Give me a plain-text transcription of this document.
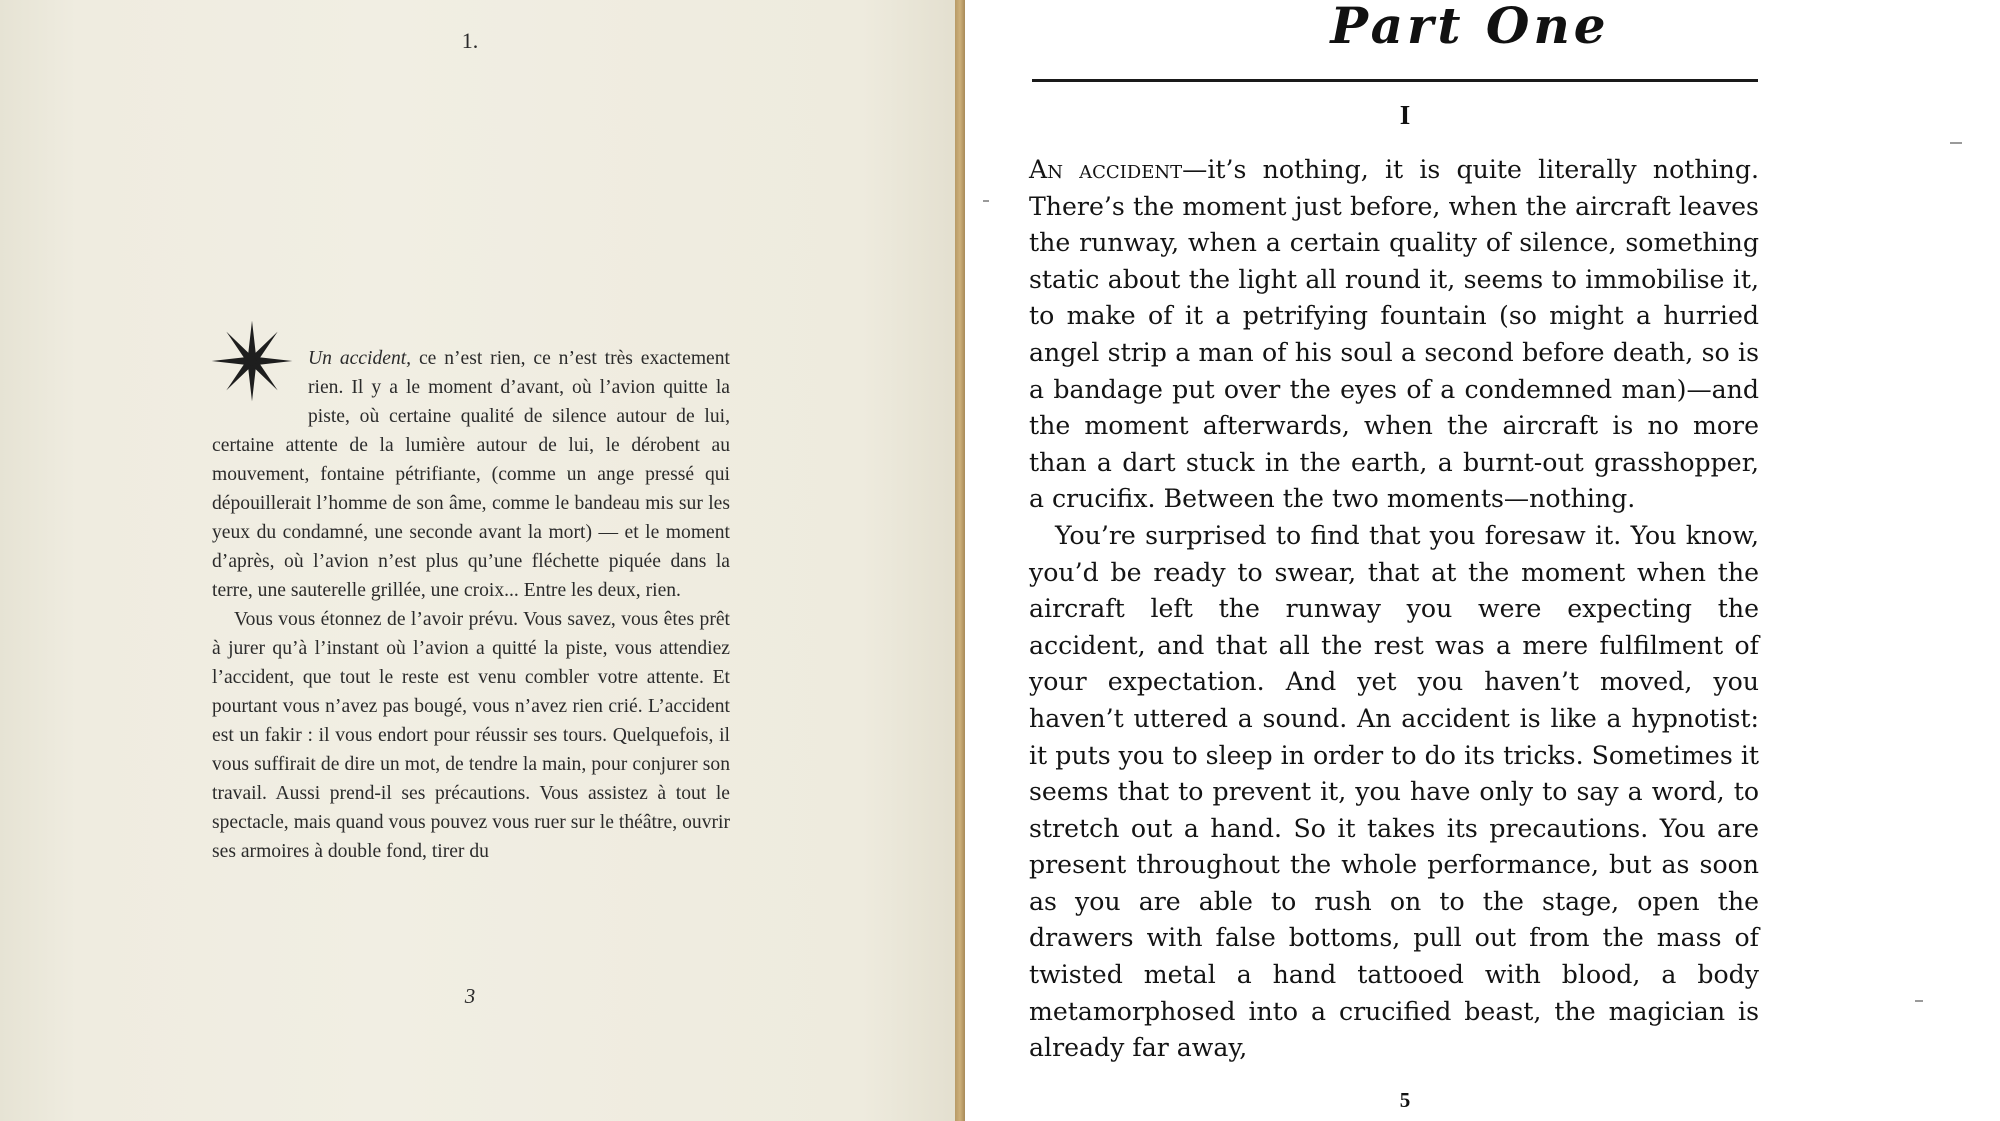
1.

Un accident, ce n’est rien, ce n’est très exactement rien. Il y a le moment d’avant, où l’avion quitte la piste, où certaine qualité de silence autour de lui, certaine attente de la lumière autour de lui, le dérobent au mouvement, fontaine pétrifiante, (comme un ange pressé qui dépouillerait l’homme de son âme, comme le bandeau mis sur les yeux du condamné, une seconde avant la mort) — et le moment d’après, où l’avion n’est plus qu’une fléchette piquée dans la terre, une sauterelle grillée, une croix... Entre les deux, rien.

Vous vous étonnez de l’avoir prévu. Vous savez, vous êtes prêt à jurer qu’à l’instant où l’avion a quitté la piste, vous attendiez l’accident, que tout le reste est venu combler votre attente. Et pourtant vous n’avez pas bougé, vous n’avez rien crié. L’accident est un fakir : il vous endort pour réussir ses tours. Quelquefois, il vous suffirait de dire un mot, de tendre la main, pour conjurer son travail. Aussi prend-il ses précautions. Vous assistez à tout le spectacle, mais quand vous pouvez vous ruer sur le théâtre, ouvrir ses armoires à double fond, tirer du

3
Part One
I

An accident—it’s nothing, it is quite literally nothing. There’s the moment just before, when the aircraft leaves the runway, when a certain quality of silence, something static about the light all round it, seems to immobilise it, to make of it a petrifying fountain (so might a hurried angel strip a man of his soul a second before death, so is a bandage put over the eyes of a condemned man)—and the moment afterwards, when the aircraft is no more than a dart stuck in the earth, a burnt-out grasshopper, a crucifix. Between the two moments—nothing.

You’re surprised to find that you foresaw it. You know, you’d be ready to swear, that at the moment when the aircraft left the runway you were expecting the accident, and that all the rest was a mere fulfilment of your expectation. And yet you haven’t moved, you haven’t uttered a sound. An accident is like a hypnotist: it puts you to sleep in order to do its tricks. Sometimes it seems that to prevent it, you have only to say a word, to stretch out a hand. So it takes its precautions. You are present throughout the whole performance, but as soon as you are able to rush on to the stage, open the drawers with false bottoms, pull out from the mass of twisted metal a hand tattooed with blood, a body metamorphosed into a crucified beast, the magician is already far away,

5
